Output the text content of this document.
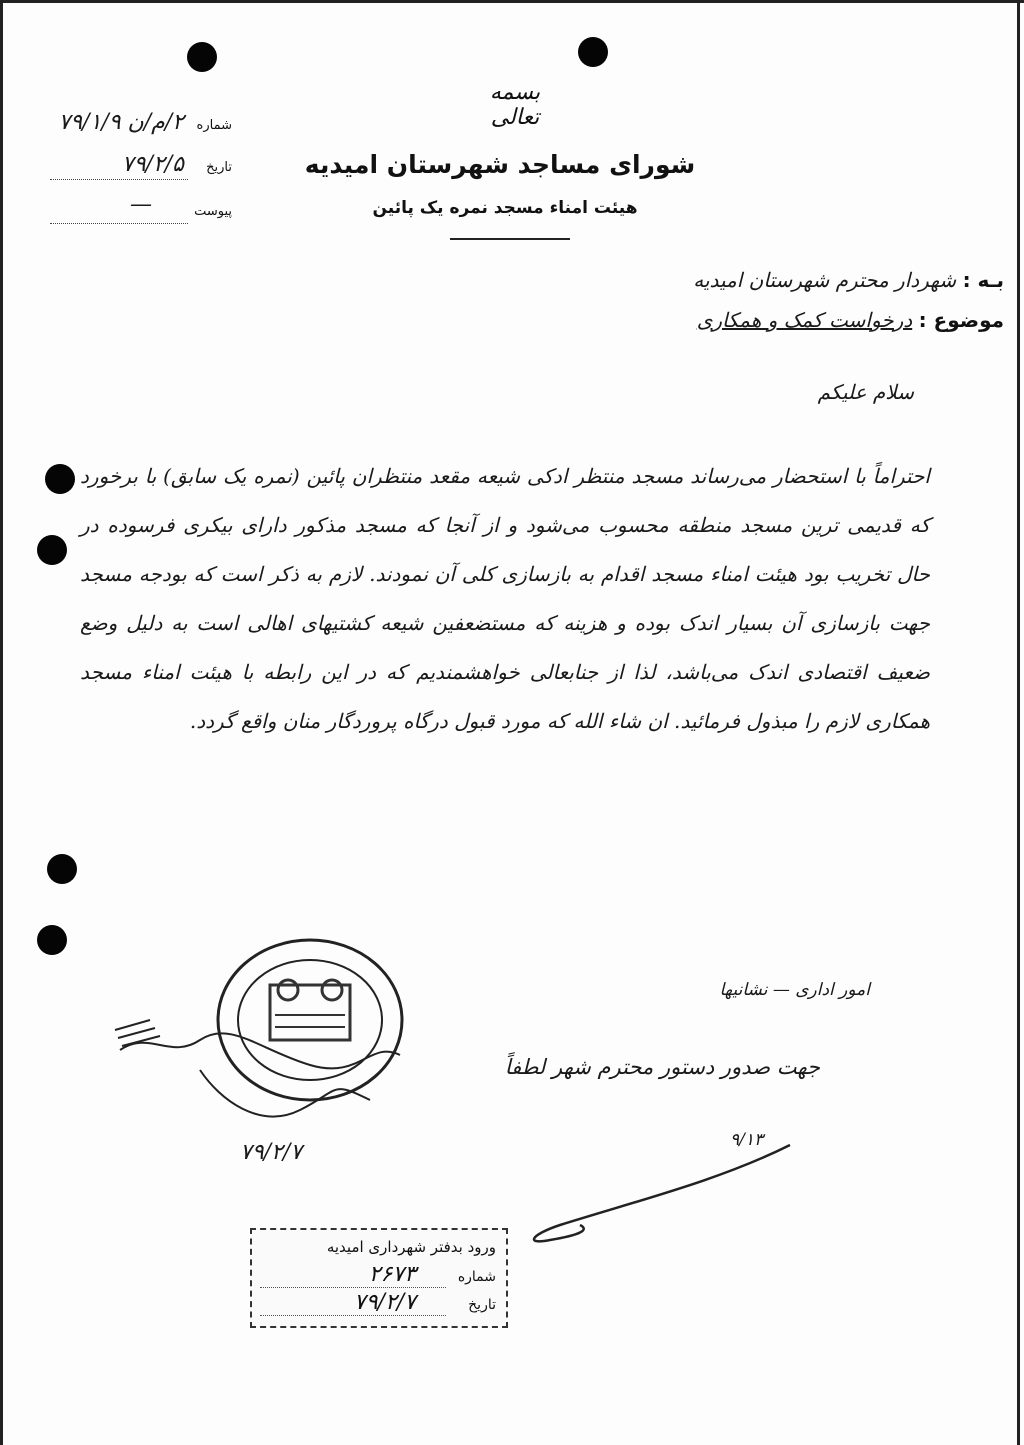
بسمه تعالی
شورای مساجد شهرستان امیدیه
هیئت امناء مسجد نمره یک پائین
شماره
۲/م/ن ۷۹/۱/۹
تاریخ
۷۹/۲/۵
پیوست
—
بـه : شهردار محترم شهرستان امیدیه
موضوع : درخواست کمک و همکاری
سلام علیکم
احتراماً با استحضار می‌رساند مسجد منتظر ادکی شیعه مقعد منتظران پائین (نمره یک سابق) با برخورد که قدیمی ترین مسجد منطقه محسوب می‌شود و از آنجا که مسجد مذکور دارای بیکری فرسوده در حال تخریب بود هیئت امناء مسجد اقدام به بازسازی کلی آن نمودند. لازم به ذکر است که بودجه مسجد جهت بازسازی آن بسیار اندک بوده و هزینه که مستضعفین شیعه کشتیهای اهالی است به دلیل وضع ضعیف اقتصادی اندک می‌باشد، لذا از جنابعالی خواهشمندیم که در این رابطه با هیئت امناء مسجد همکاری لازم را مبذول فرمائید. ان شاء الله که مورد قبول درگاه پروردگار منان واقع گردد.
۷۹/۲/۷
امور اداری — نشانیها
جهت صدور دستور محترم شهر لطفاً
۹/۱۳
ورود بدفتر شهرداری امیدیه
شماره
۲۶۷۳
تاریخ
۷۹/۲/۷
